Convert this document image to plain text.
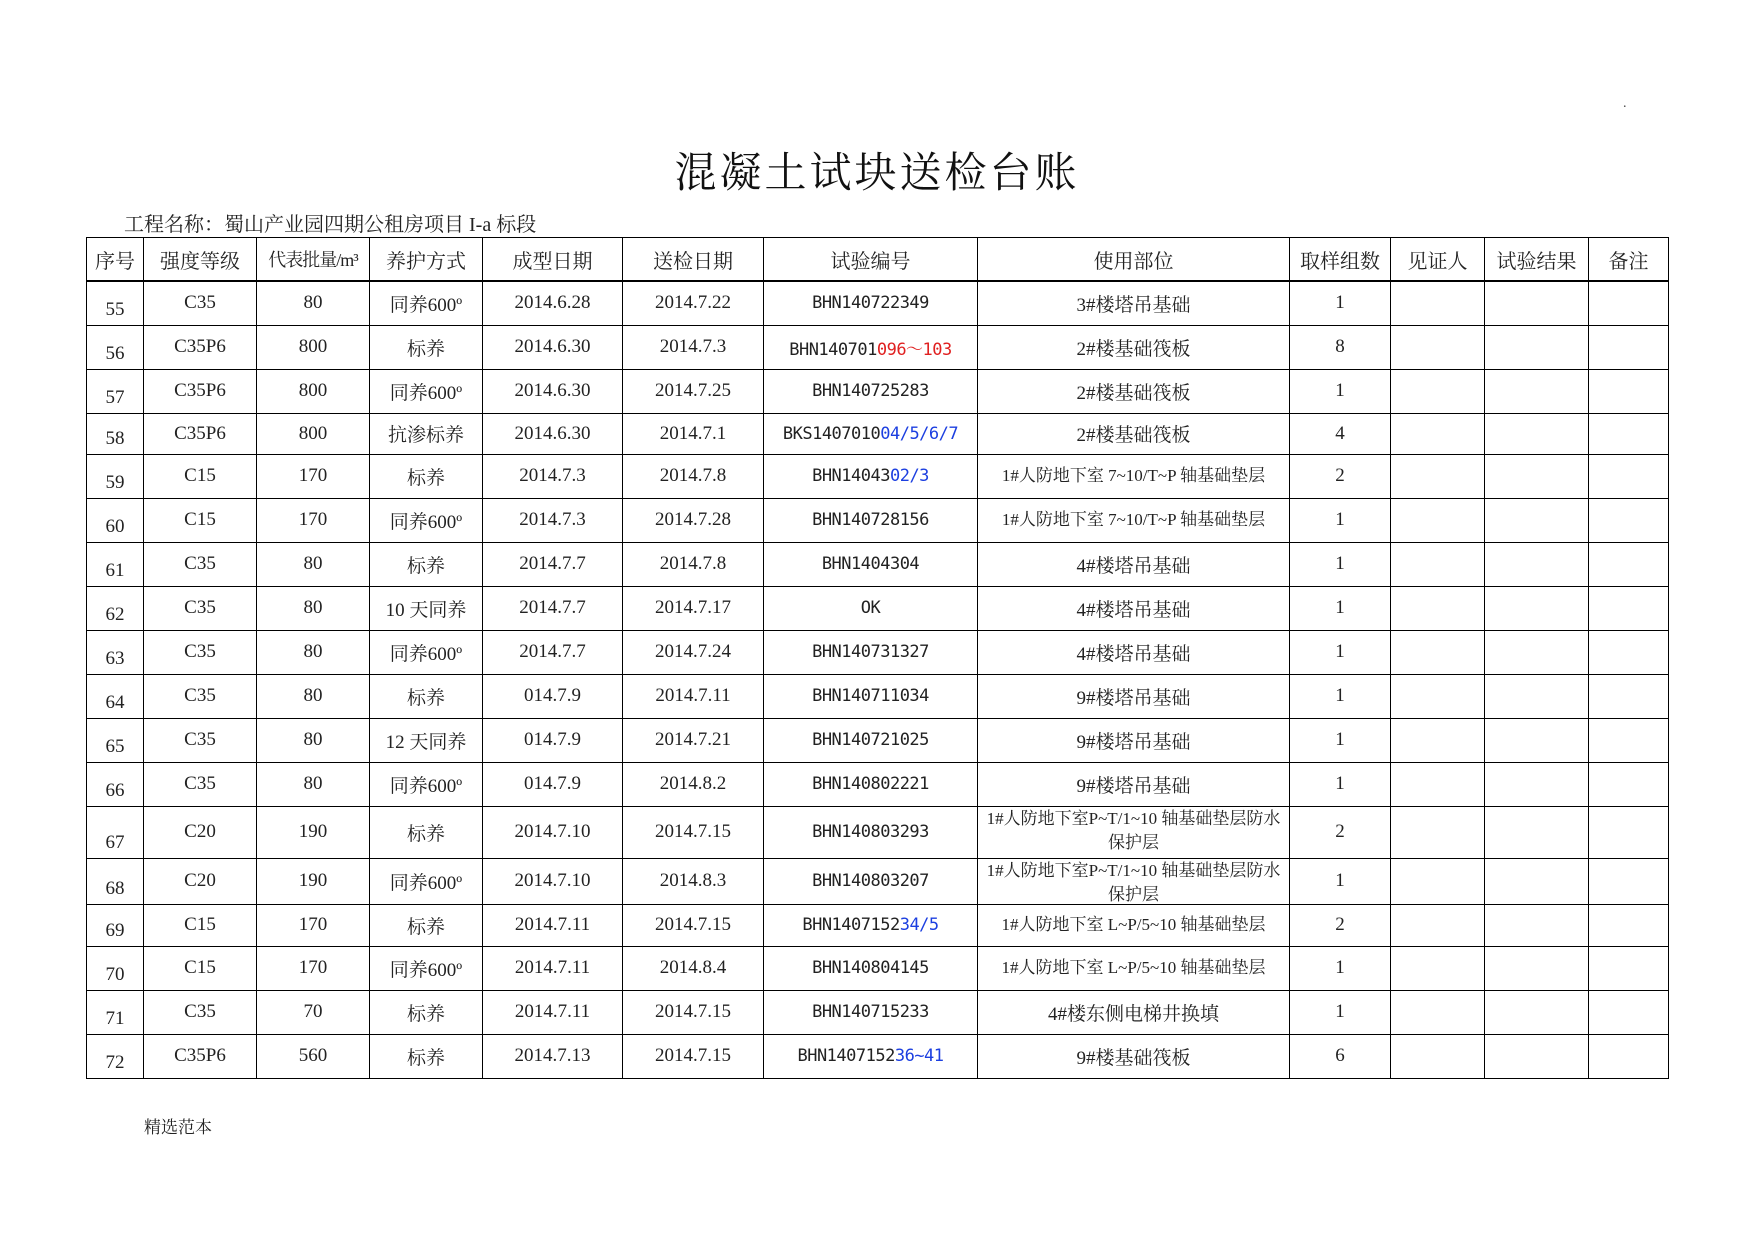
.
混凝土试块送检台账
工程名称：蜀山产业园四期公租房项目 I-a 标段
序号	强度等级	代表批量/m³	养护方式	成型日期	送检日期	试验编号	使用部位	取样组数	见证人	试验结果	备注
55	C35	80	同养600º	2014.6.28	2014.7.22	BHN140722349	3#楼塔吊基础	1			
56	C35P6	800	标养	2014.6.30	2014.7.3	BHN140701096～103	2#楼基础筏板	8			
57	C35P6	800	同养600º	2014.6.30	2014.7.25	BHN140725283	2#楼基础筏板	1			
58	C35P6	800	抗渗标养	2014.6.30	2014.7.1	BKS140701004/5/6/7	2#楼基础筏板	4			
59	C15	170	标养	2014.7.3	2014.7.8	BHN1404302/3	1#人防地下室 7~10/T~P 轴基础垫层	2			
60	C15	170	同养600º	2014.7.3	2014.7.28	BHN140728156	1#人防地下室 7~10/T~P 轴基础垫层	1			
61	C35	80	标养	2014.7.7	2014.7.8	BHN1404304	4#楼塔吊基础	1			
62	C35	80	10 天同养	2014.7.7	2014.7.17	OK	4#楼塔吊基础	1			
63	C35	80	同养600º	2014.7.7	2014.7.24	BHN140731327	4#楼塔吊基础	1			
64	C35	80	标养	014.7.9	2014.7.11	BHN140711034	9#楼塔吊基础	1			
65	C35	80	12 天同养	014.7.9	2014.7.21	BHN140721025	9#楼塔吊基础	1			
66	C35	80	同养600º	014.7.9	2014.8.2	BHN140802221	9#楼塔吊基础	1			
67	C20	190	标养	2014.7.10	2014.7.15	BHN140803293	1#人防地下室P~T/1~10 轴基础垫层防水保护层	2			
68	C20	190	同养600º	2014.7.10	2014.8.3	BHN140803207	1#人防地下室P~T/1~10 轴基础垫层防水保护层	1			
69	C15	170	标养	2014.7.11	2014.7.15	BHN140715234/5	1#人防地下室 L~P/5~10 轴基础垫层	2			
70	C15	170	同养600º	2014.7.11	2014.8.4	BHN140804145	1#人防地下室 L~P/5~10 轴基础垫层	1			
71	C35	70	标养	2014.7.11	2014.7.15	BHN140715233	4#楼东侧电梯井换填	1			
72	C35P6	560	标养	2014.7.13	2014.7.15	BHN140715236~41	9#楼基础筏板	6			
精选范本
